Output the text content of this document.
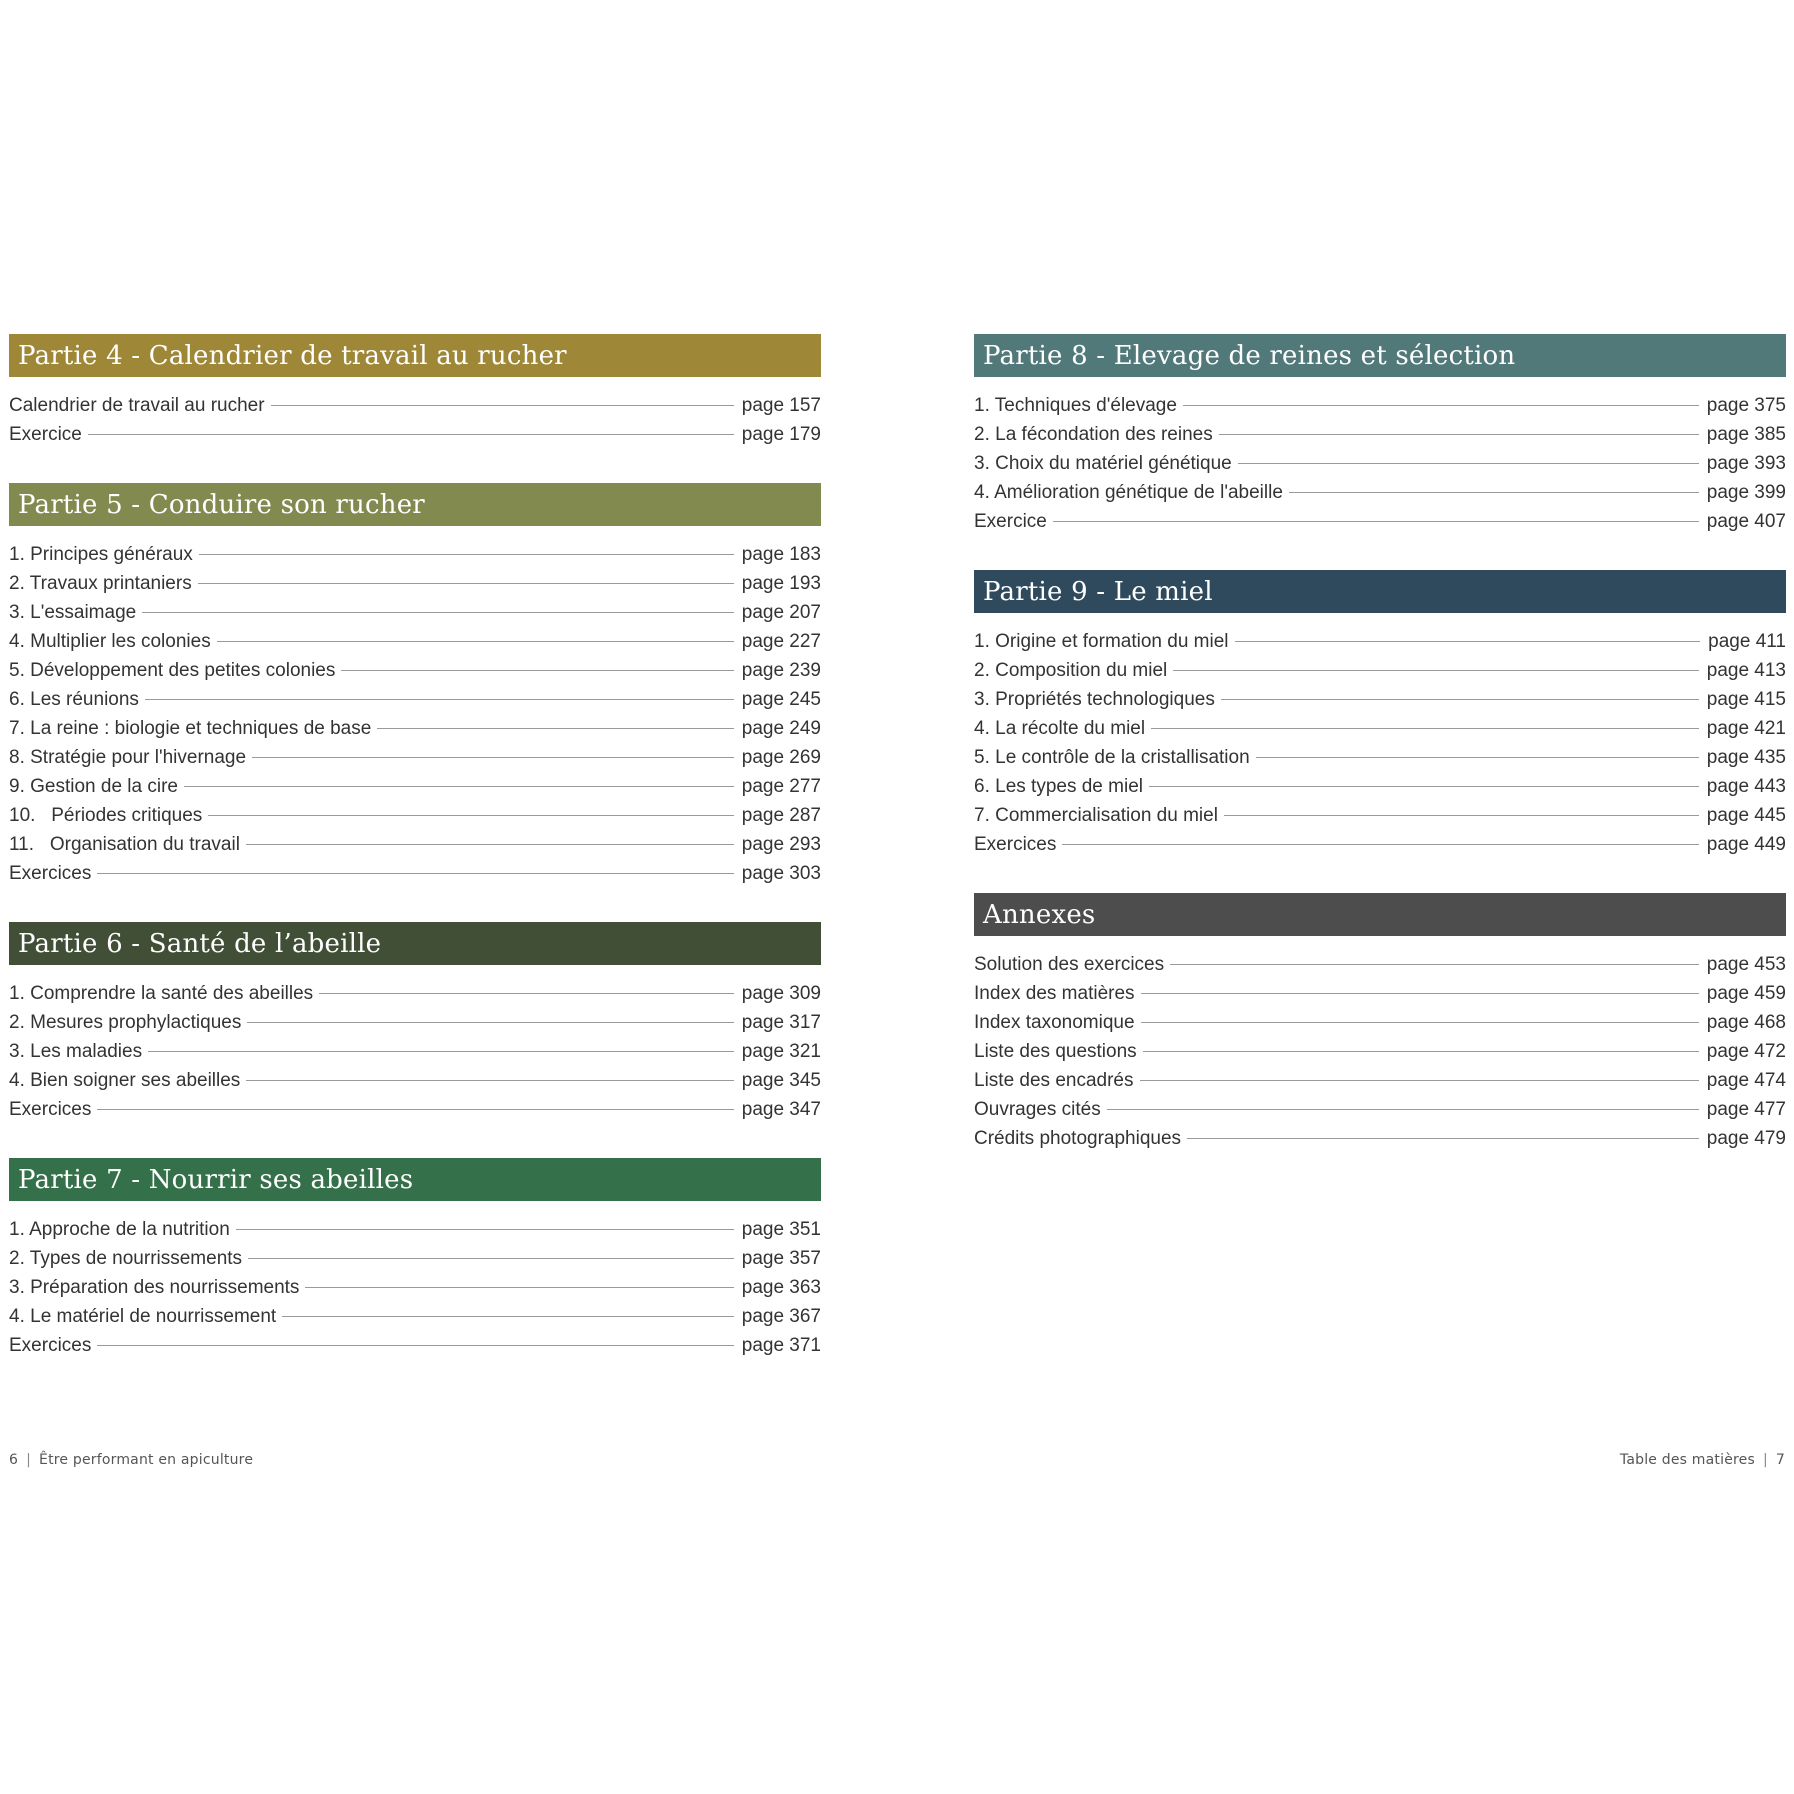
Partie 4 - Calendrier de travail au rucher
Calendrier de travail au rucher	page 157
Exercice	page 179
Partie 5 - Conduire son rucher
1. Principes généraux	page 183
2. Travaux printaniers	page 193
3. L'essaimage	page 207
4. Multiplier les colonies	page 227
5. Développement des petites colonies	page 239
6. Les réunions	page 245
7. La reine : biologie et techniques de base	page 249
8. Stratégie pour l'hivernage	page 269
9. Gestion de la cire	page 277
10.   Périodes critiques	page 287
11.   Organisation du travail	page 293
Exercices	page 303
Partie 6 - Santé de l’abeille
1. Comprendre la santé des abeilles	page 309
2. Mesures prophylactiques	page 317
3. Les maladies	page 321
4. Bien soigner ses abeilles	page 345
Exercices	page 347
Partie 7 - Nourrir ses abeilles
1. Approche de la nutrition	page 351
2. Types de nourrissements	page 357
3. Préparation des nourrissements	page 363
4. Le matériel de nourrissement	page 367
Exercices	page 371
Partie 8 - Elevage de reines et sélection
1. Techniques d'élevage	page 375
2. La fécondation des reines	page 385
3. Choix du matériel génétique	page 393
4. Amélioration génétique de l'abeille	page 399
Exercice	page 407
Partie 9 - Le miel
1. Origine et formation du miel	page 411
2. Composition du miel	page 413
3. Propriétés technologiques	page 415
4. La récolte du miel	page 421
5. Le contrôle de la cristallisation	page 435
6. Les types de miel	page 443
7. Commercialisation du miel	page 445
Exercices	page 449
Annexes
Solution des exercices	page 453
Index des matières	page 459
Index taxonomique	page 468
Liste des questions	page 472
Liste des encadrés	page 474
Ouvrages cités	page 477
Crédits photographiques	page 479
6 | Être performant en apiculture	Table des matières | 7
